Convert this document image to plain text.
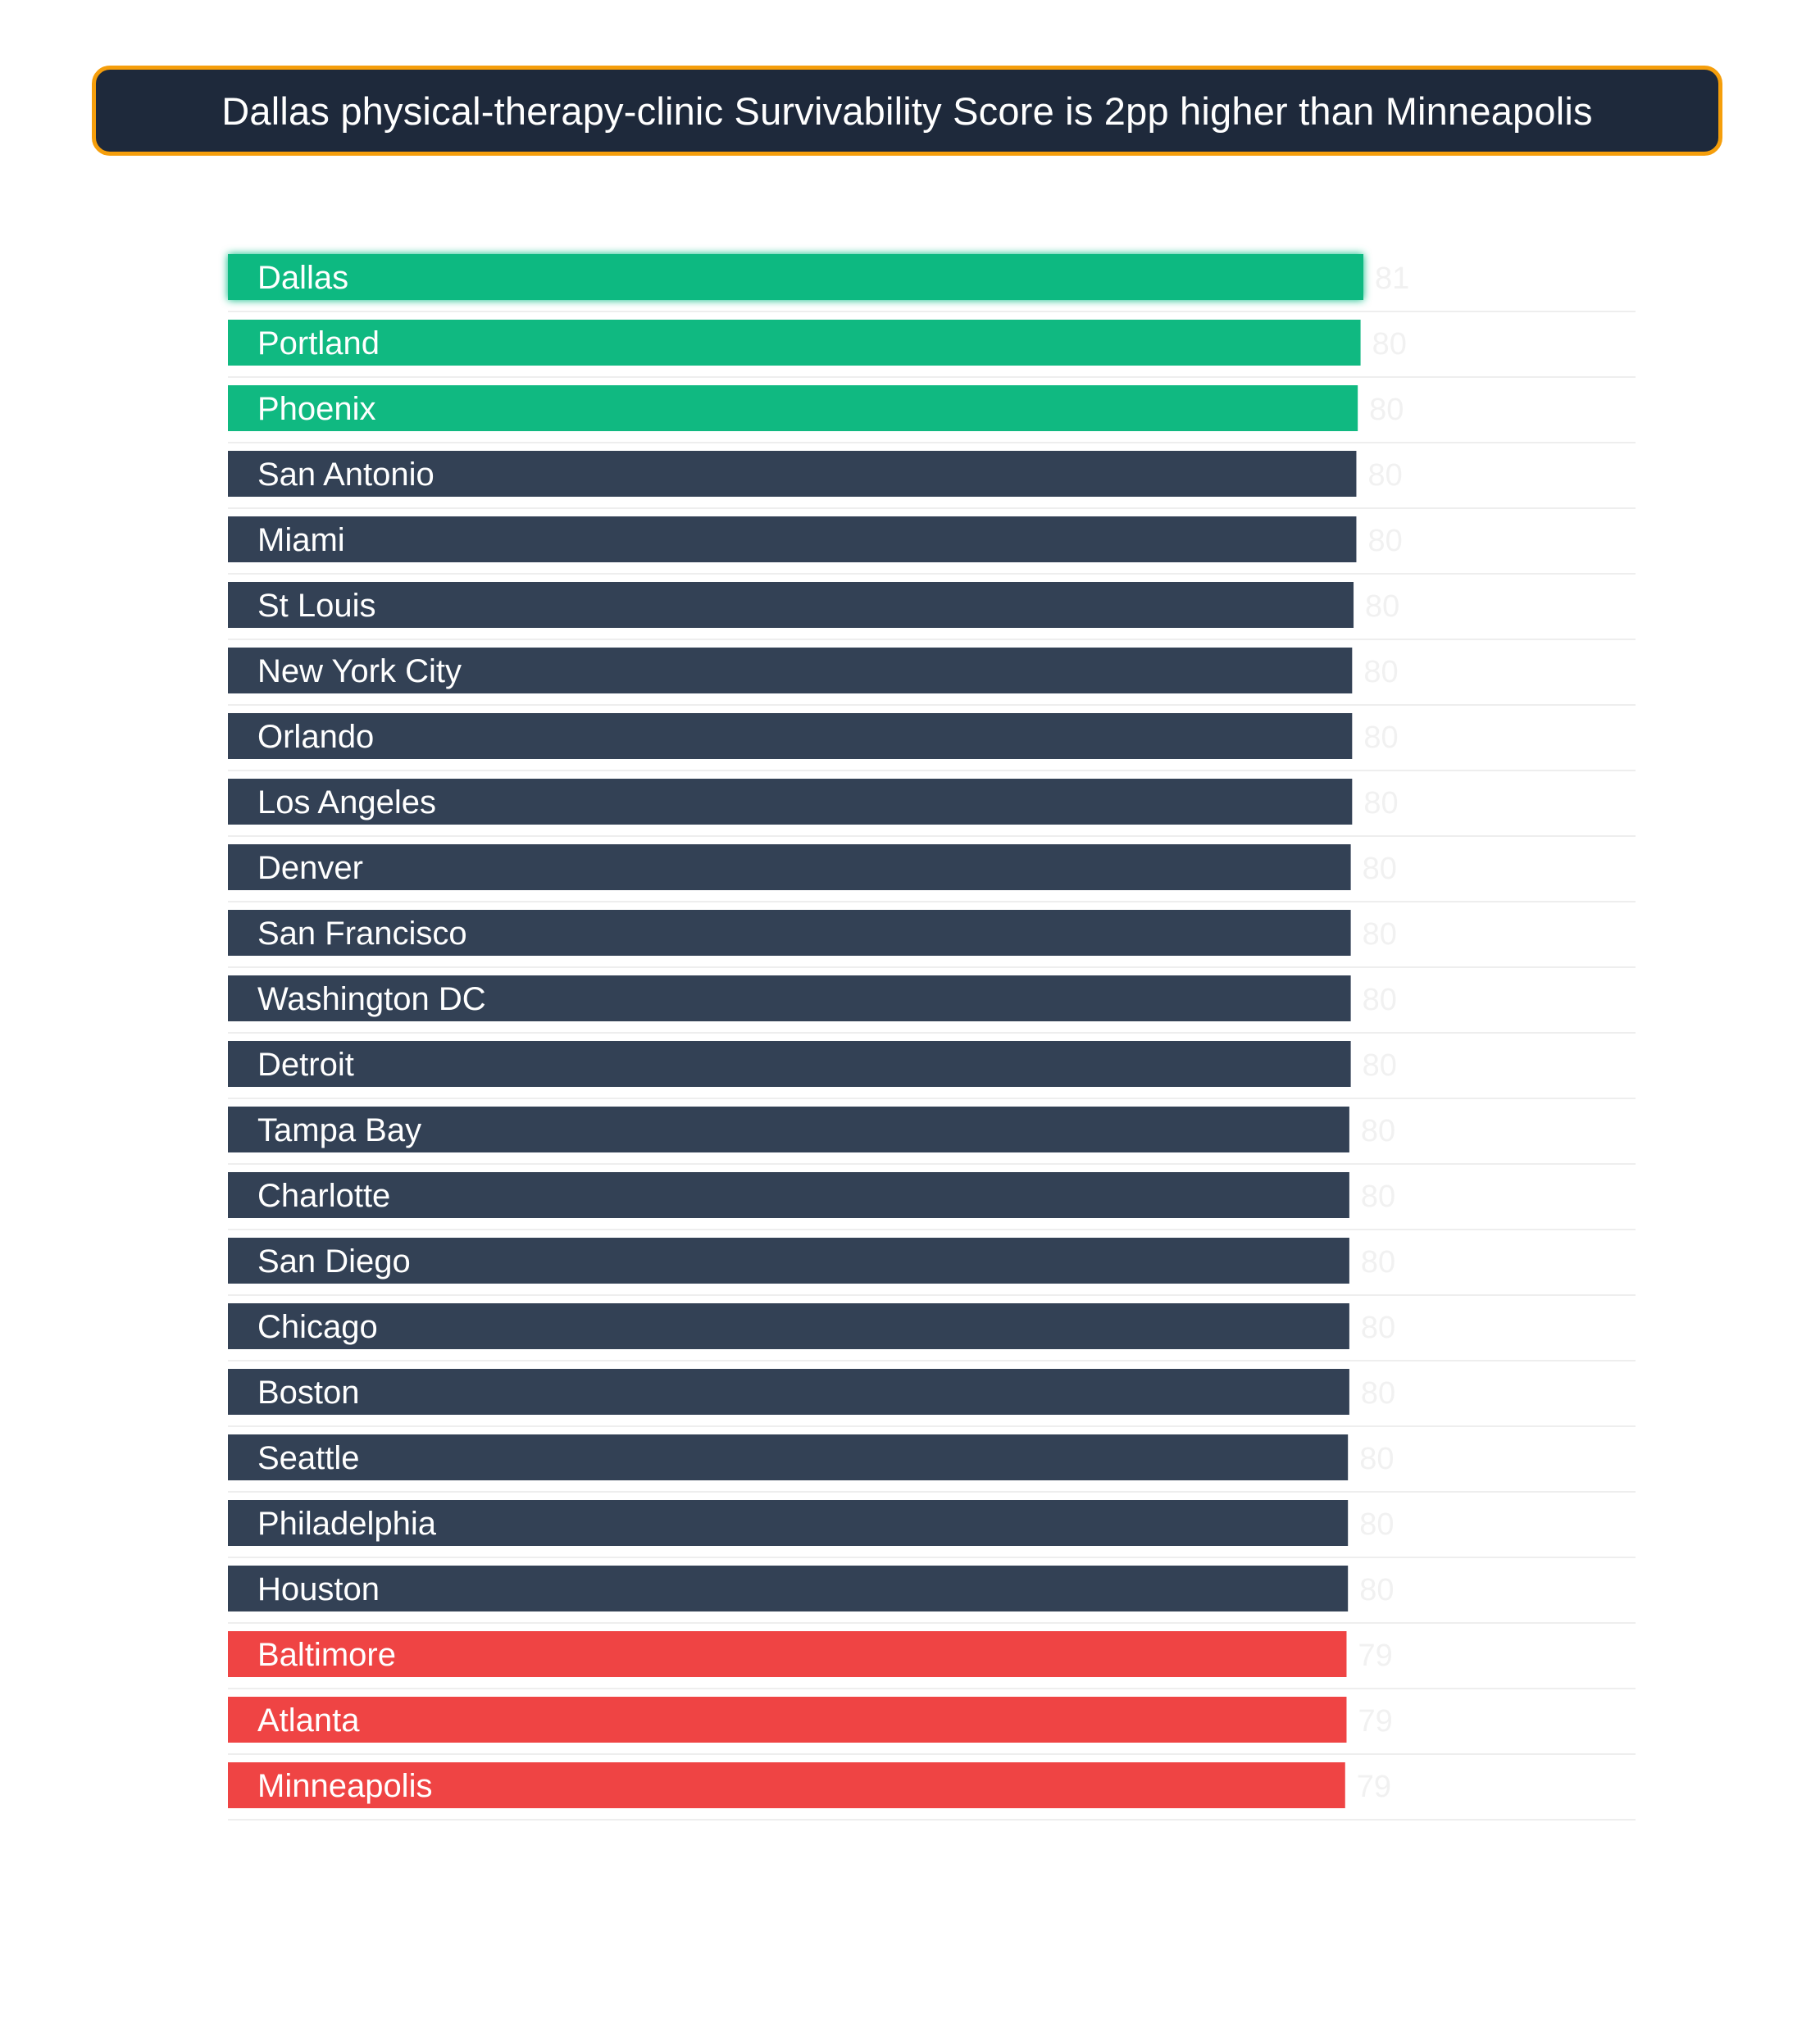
Dallas physical-therapy-clinic Survivability Score is 2pp higher than Minneapolis
Dallas	81
Portland	80
Phoenix	80
San Antonio	80
Miami	80
St Louis	80
New York City	80
Orlando	80
Los Angeles	80
Denver	80
San Francisco	80
Washington DC	80
Detroit	80
Tampa Bay	80
Charlotte	80
San Diego	80
Chicago	80
Boston	80
Seattle	80
Philadelphia	80
Houston	80
Baltimore	79
Atlanta	79
Minneapolis	79
